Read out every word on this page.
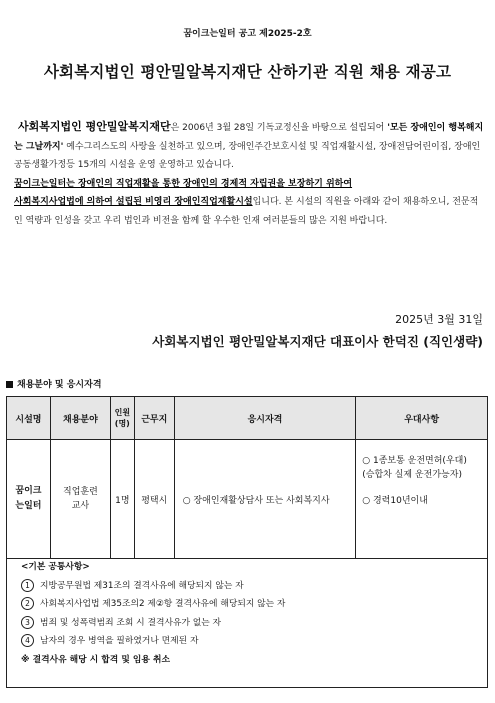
꿈이크는일터 공고 제2025-2호
사회복지법인 평안밀알복지재단 산하기관 직원 채용 재공고

사회복지법인 평안밀알복지재단은 2006년 3월 28일 기독교정신을 바탕으로 설립되어 '모든 장애인이 행복해지는 그날까지' 예수그리스도의 사랑을 실천하고 있으며, 장애인주간보호시설 및 직업재활시설, 장애전담어린이집, 장애인공동생활가정등 15개의 시설을 운영 운영하고 있습니다.

꿈이크는일터는 장애인의 직업재활을 통한 장애인의 경제적 자립권을 보장하기 위하여
사회복지사업법에 의하여 설립된 비영리 장애인직업재활시설입니다. 본 시설의 직원을 아래와 같이 채용하오니, 전문적인 역량과 인성을 갖고 우리 법인과 비전을 함께 할 우수한 인재 여러분들의 많은 지원 바랍니다.

2025년 3월 31일
사회복지법인 평안밀알복지재단 대표이사 한덕진 (직인생략)
채용분야 및 응시자격
시설명	채용분야	인원(명)	근무지	응시자격	우대사항
꿈이크는일터	직업훈련교사	1명	평택시	○ 장애인재활상담사 또는 사회복지사	○ 1종보통 운전면허(우대)
(승합차 실제 운전가능자)
○ 경력10년이내
<기본 공통사항>
1 지방공무원법 제31조의 결격사유에 해당되지 않는 자
2 사회복지사업법 제35조의2 제②항 결격사유에 해당되지 않는 자
3 범죄 및 성폭력범죄 조회 시 결격사유가 없는 자
4 남자의 경우 병역을 필하였거나 면제된 자
※ 결격사유 해당 시 합격 및 임용 취소
